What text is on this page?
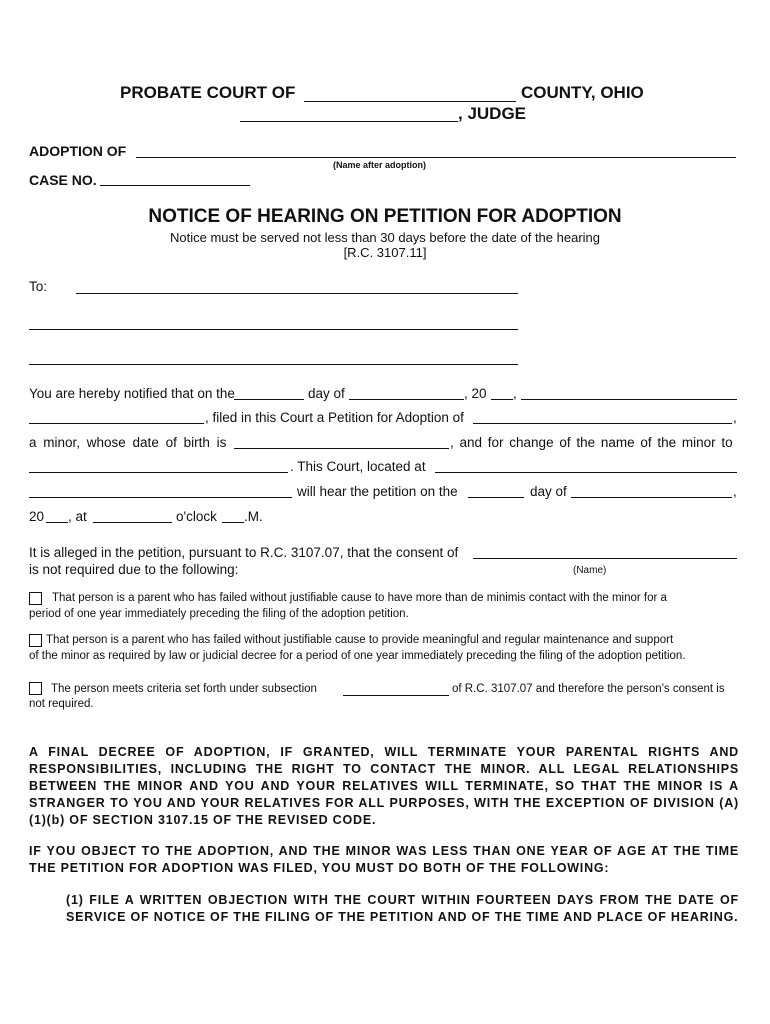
PROBATE COURT OF	COUNTY, OHIO
, JUDGE
ADOPTION OF
(Name after adoption)
CASE NO.
NOTICE OF HEARING ON PETITION FOR ADOPTION
Notice must be served not less than 30 days before the date of the hearing
[R.C. 3107.11]
To:
You are hereby notified that on the	day of	, 20 ,
, filed in this Court a Petition for Adoption of	,
a minor, whose date of birth is	, and for change of the name of the minor to
. This Court, located at
will hear the petition on the	day of	,
20 , at	o'clock .M.
It is alleged in the petition, pursuant to R.C. 3107.07, that the consent of
is not required due to the following:	(Name)
That person is a parent who has failed without justifiable cause to have more than de minimis contact with the minor for a
period of one year immediately preceding the filing of the adoption petition.
That person is a parent who has failed without justifiable cause to provide meaningful and regular maintenance and support
of the minor as required by law or judicial decree for a period of one year immediately preceding the filing of the adoption petition.
The person meets criteria set forth under subsection	of R.C. 3107.07 and therefore the person's consent is
not required.
A FINAL DECREE OF ADOPTION, IF GRANTED, WILL TERMINATE YOUR PARENTAL RIGHTS AND RESPONSIBILITIES, INCLUDING THE RIGHT TO CONTACT THE MINOR. ALL LEGAL RELATIONSHIPS BETWEEN THE MINOR AND YOU AND YOUR RELATIVES WILL TERMINATE, SO THAT THE MINOR IS A STRANGER TO YOU AND YOUR RELATIVES FOR ALL PURPOSES, WITH THE EXCEPTION OF DIVISION (A)(1)(b) OF SECTION 3107.15 OF THE REVISED CODE.
IF YOU OBJECT TO THE ADOPTION, AND THE MINOR WAS LESS THAN ONE YEAR OF AGE AT THE TIME THE PETITION FOR ADOPTION WAS FILED, YOU MUST DO BOTH OF THE FOLLOWING:
(1) FILE A WRITTEN OBJECTION WITH THE COURT WITHIN FOURTEEN DAYS FROM THE DATE OF SERVICE OF NOTICE OF THE FILING OF THE PETITION AND OF THE TIME AND PLACE OF HEARING.
